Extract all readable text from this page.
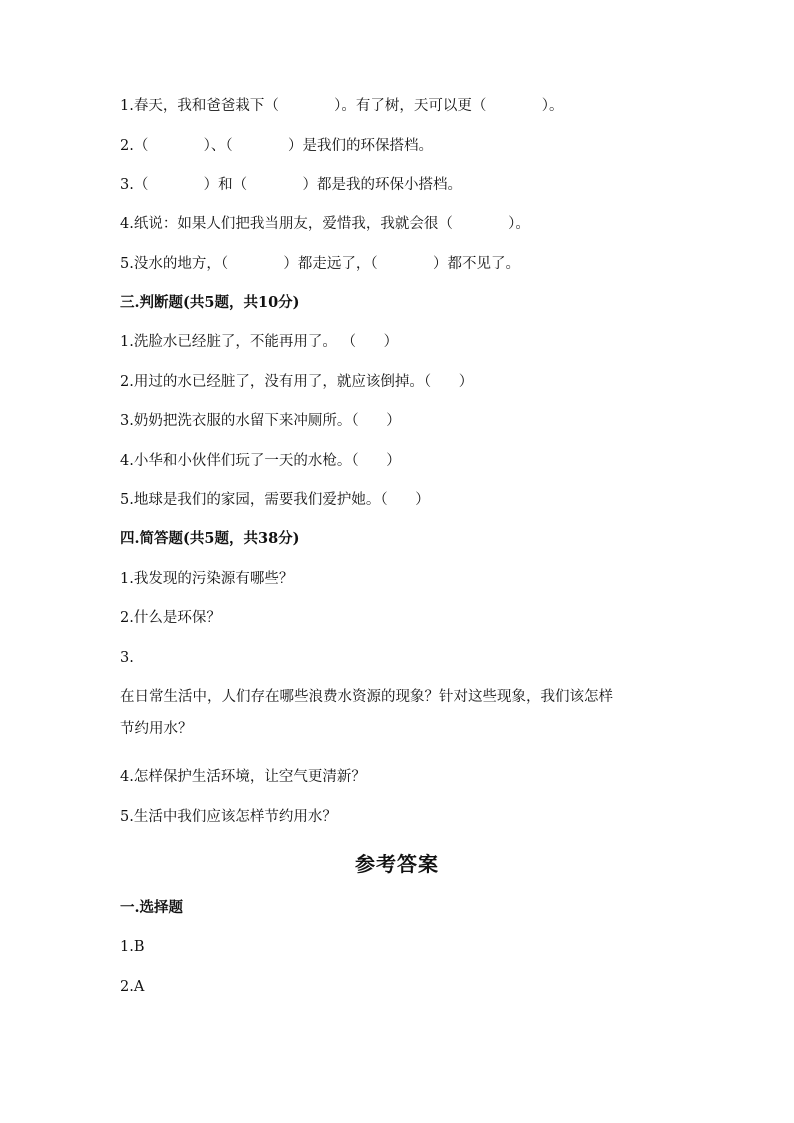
1.春天，我和爸爸栽下（            ）。有了树，天可以更（            ）。
2.（            ）、（            ）是我们的环保搭档。
3.（            ）和（            ）都是我的环保小搭档。
4.纸说：如果人们把我当朋友，爱惜我，我就会很（            ）。
5.没水的地方，（            ）都走远了，（            ）都不见了。
三.判断题(共5题，共10分)
1.洗脸水已经脏了，不能再用了。 （      ）
2.用过的水已经脏了，没有用了，就应该倒掉。（      ）
3.奶奶把洗衣服的水留下来冲厕所。（      ）
4.小华和小伙伴们玩了一天的水枪。（      ）
5.地球是我们的家园，需要我们爱护她。（      ）
四.简答题(共5题，共38分)
1.我发现的污染源有哪些？
2.什么是环保？
3.
在日常生活中，人们存在哪些浪费水资源的现象？针对这些现象，我们该怎样
节约用水？
4.怎样保护生活环境，让空气更清新？
5.生活中我们应该怎样节约用水？
参考答案
一.选择题
1.B
2.A
